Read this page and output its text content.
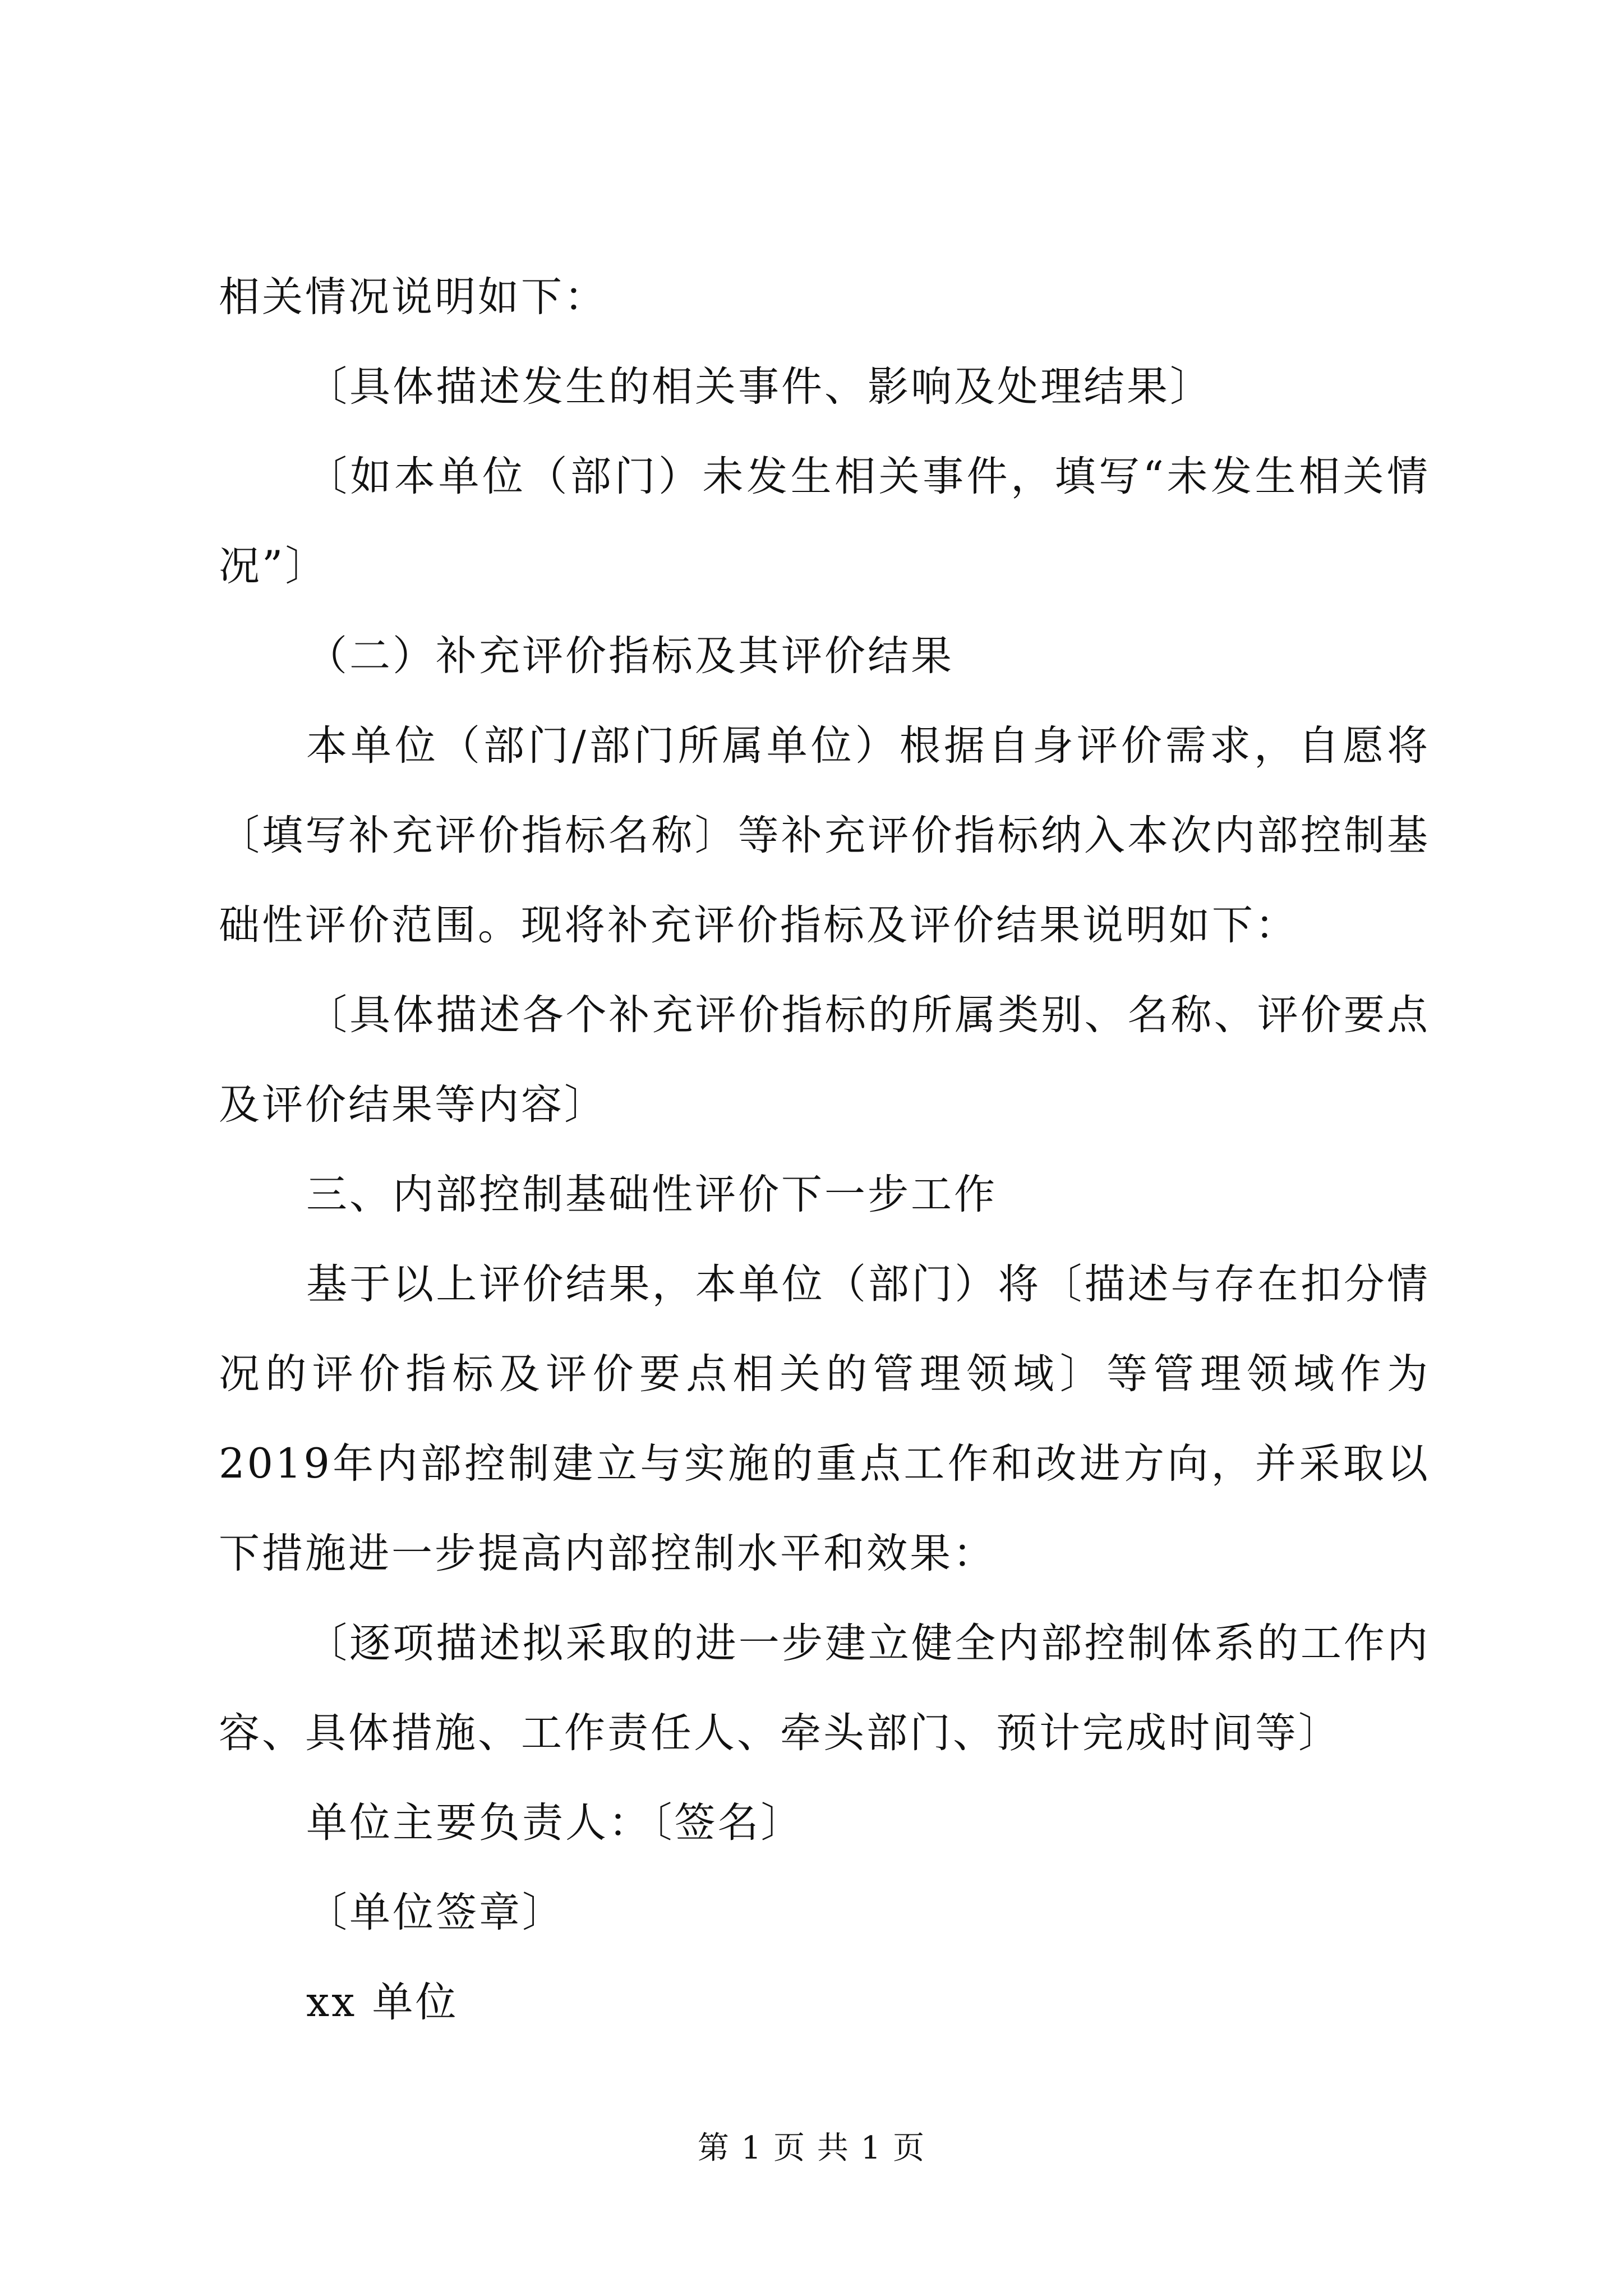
相关情况说明如下：

〔具体描述发生的相关事件、影响及处理结果〕

〔如本单位（部门）未发生相关事件，填写“未发生相关情况”〕

（二）补充评价指标及其评价结果

本单位（部门/部门所属单位）根据自身评价需求，自愿将〔填写补充评价指标名称〕等补充评价指标纳入本次内部控制基础性评价范围。现将补充评价指标及评价结果说明如下：

〔具体描述各个补充评价指标的所属类别、名称、评价要点及评价结果等内容〕

三、内部控制基础性评价下一步工作

基于以上评价结果，本单位（部门）将〔描述与存在扣分情况的评价指标及评价要点相关的管理领域〕等管理领域作为2019年内部控制建立与实施的重点工作和改进方向，并采取以下措施进一步提高内部控制水平和效果：

〔逐项描述拟采取的进一步建立健全内部控制体系的工作内容、具体措施、工作责任人、牵头部门、预计完成时间等〕

单位主要负责人：〔签名〕

〔单位签章〕

xx 单位

第 1 页 共 1 页
